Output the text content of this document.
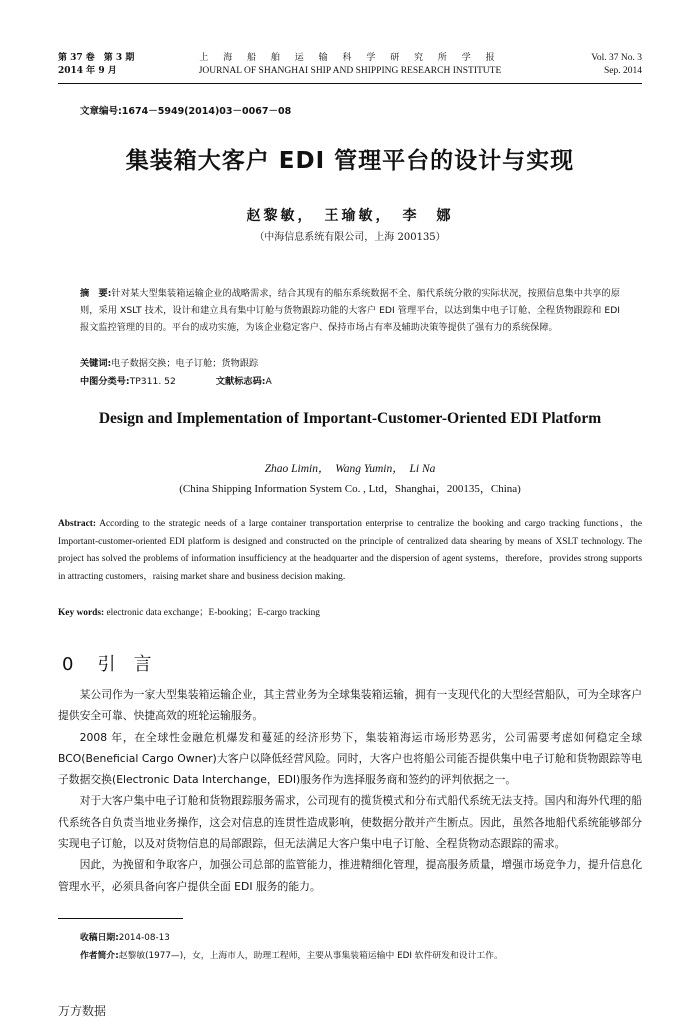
第 37 卷　第 3 期
2014 年 9 月
上 海 船 舶 运 输 科 学 研 究 所 学 报
JOURNAL OF SHANGHAI SHIP AND SHIPPING RESEARCH INSTITUTE
Vol. 37 No. 3
Sep. 2014
文章编号:1674－5949(2014)03－0067－08
集装箱大客户 EDI 管理平台的设计与实现
赵黎敏，　王瑜敏，　李　娜
（中海信息系统有限公司，上海 200135）
摘　要:针对某大型集装箱运输企业的战略需求，结合其现有的船东系统数据不全、船代系统分散的实际状况，按照信息集中共享的原则，采用 XSLT 技术，设计和建立具有集中订舱与货物跟踪功能的大客户 EDI 管理平台，以达到集中电子订舱、全程货物跟踪和 EDI 报文监控管理的目的。平台的成功实施，为该企业稳定客户、保持市场占有率及辅助决策等提供了强有力的系统保障。
关键词:电子数据交换；电子订舱；货物跟踪
中图分类号:TP311. 52	文献标志码:A
Design and Implementation of Important-Customer-Oriented EDI Platform
Zhao Limin，　Wang Yumin，　Li Na
(China Shipping Information System Co. , Ltd，Shanghai，200135，China)
Abstract: According to the strategic needs of a large container transportation enterprise to centralize the booking and cargo tracking functions，the Important-customer-oriented EDI platform is designed and constructed on the principle of centralized data shearing by means of XSLT technology. The project has solved the problems of information insufficiency at the headquarter and the dispersion of agent systems，therefore，provides strong supports in attracting customers，raising market share and business decision making.
Key words: electronic data exchange；E-booking；E-cargo tracking
0 引言

某公司作为一家大型集装箱运输企业，其主营业务为全球集装箱运输，拥有一支现代化的大型经营船队，可为全球客户提供安全可靠、快捷高效的班轮运输服务。

2008 年，在全球性金融危机爆发和蔓延的经济形势下，集装箱海运市场形势恶劣，公司需要考虑如何稳定全球 BCO(Beneficial Cargo Owner)大客户以降低经营风险。同时，大客户也将船公司能否提供集中电子订舱和货物跟踪等电子数据交换(Electronic Data Interchange，EDI)服务作为选择服务商和签约的评判依据之一。

对于大客户集中电子订舱和货物跟踪服务需求，公司现有的揽货模式和分布式船代系统无法支持。国内和海外代理的船代系统各自负责当地业务操作，这会对信息的连贯性造成影响，使数据分散并产生断点。因此，虽然各地船代系统能够部分实现电子订舱，以及对货物信息的局部跟踪，但无法满足大客户集中电子订舱、全程货物动态跟踪的需求。

因此，为挽留和争取客户，加强公司总部的监管能力，推进精细化管理，提高服务质量，增强市场竞争力，提升信息化管理水平，必须具备向客户提供全面 EDI 服务的能力。

收稿日期:2014-08-13
作者简介:赵黎敏(1977—)，女，上海市人，助理工程师，主要从事集装箱运输中 EDI 软件研发和设计工作。
万方数据
